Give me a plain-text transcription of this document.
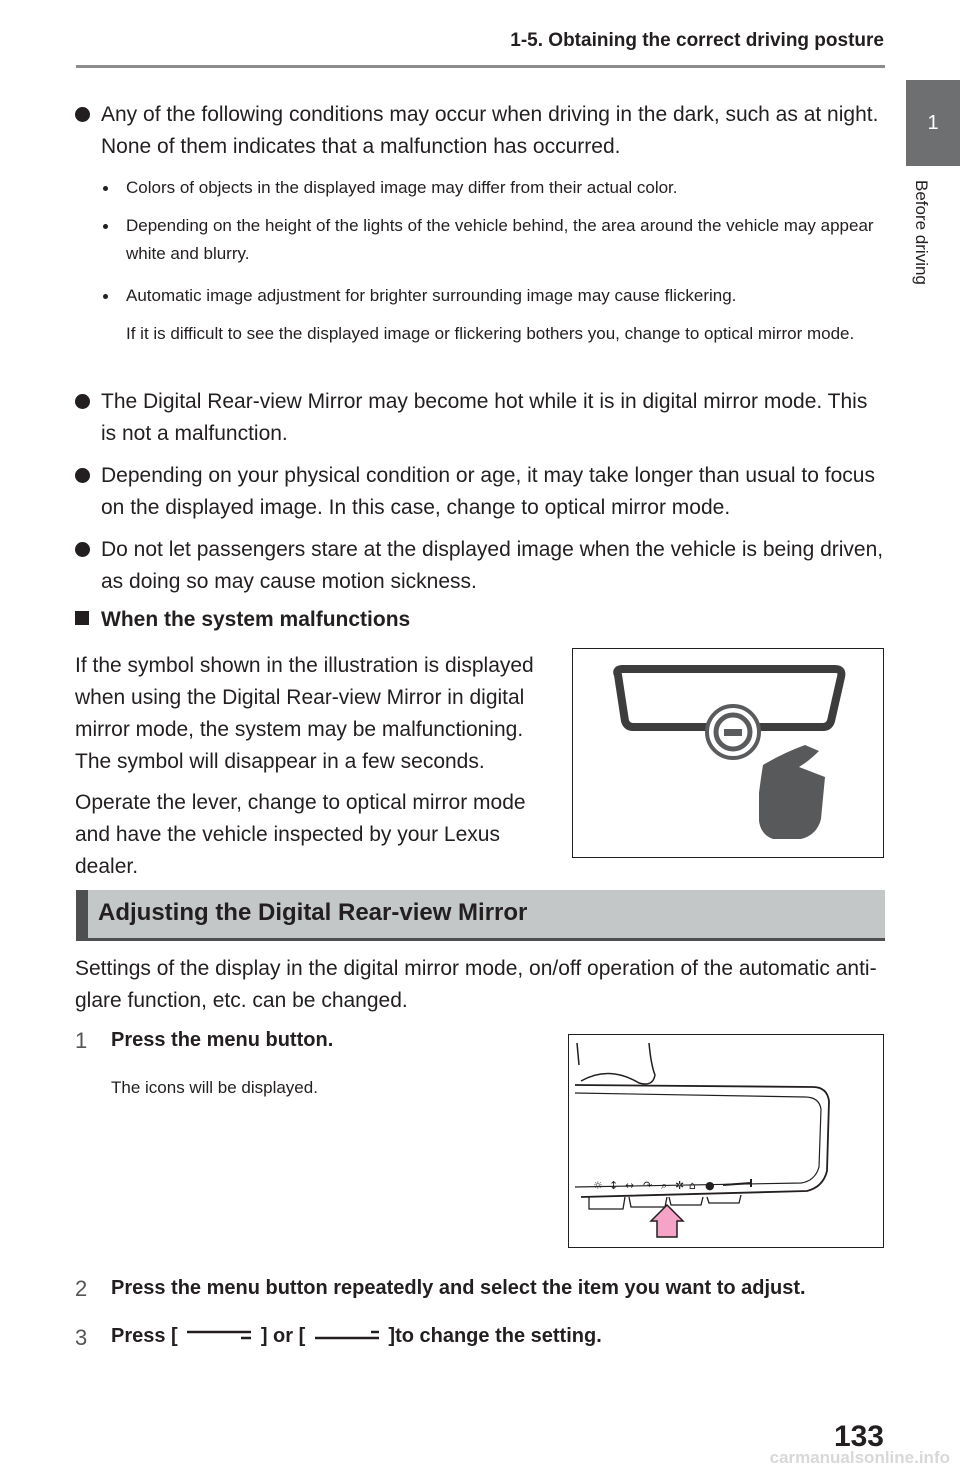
1-5. Obtaining the correct driving posture
1
Before driving
Any of the following conditions may occur when driving in the dark, such as at night. None of them indicates that a malfunction has occurred.
Colors of objects in the displayed image may differ from their actual color.
Depending on the height of the lights of the vehicle behind, the area around the vehicle may appear white and blurry.
Automatic image adjustment for brighter surrounding image may cause flickering.
If it is difficult to see the displayed image or flickering bothers you, change to optical mirror mode.
The Digital Rear-view Mirror may become hot while it is in digital mirror mode. This is not a malfunction.
Depending on your physical condition or age, it may take longer than usual to focus on the displayed image. In this case, change to optical mirror mode.
Do not let passengers stare at the displayed image when the vehicle is being driven, as doing so may cause motion sickness.
When the system malfunctions
If the symbol shown in the illustration is displayed when using the Digital Rear-view Mirror in digital mirror mode, the system may be malfunctioning. The symbol will disappear in a few seconds.
Operate the lever, change to optical mirror mode and have the vehicle inspected by your Lexus dealer.
Adjusting the Digital Rear-view Mirror
Settings of the display in the digital mirror mode, on/off operation of the automatic anti-glare function, etc. can be changed.
1 Press the menu button.
The icons will be displayed.
☼ ↕ ↔ ↷ ⌕ ✲ ⌂ ●
2 Press the menu button repeatedly and select the item you want to adjust.
3 Press [	] or [	]to change the setting.
133
carmanualsonline.info
